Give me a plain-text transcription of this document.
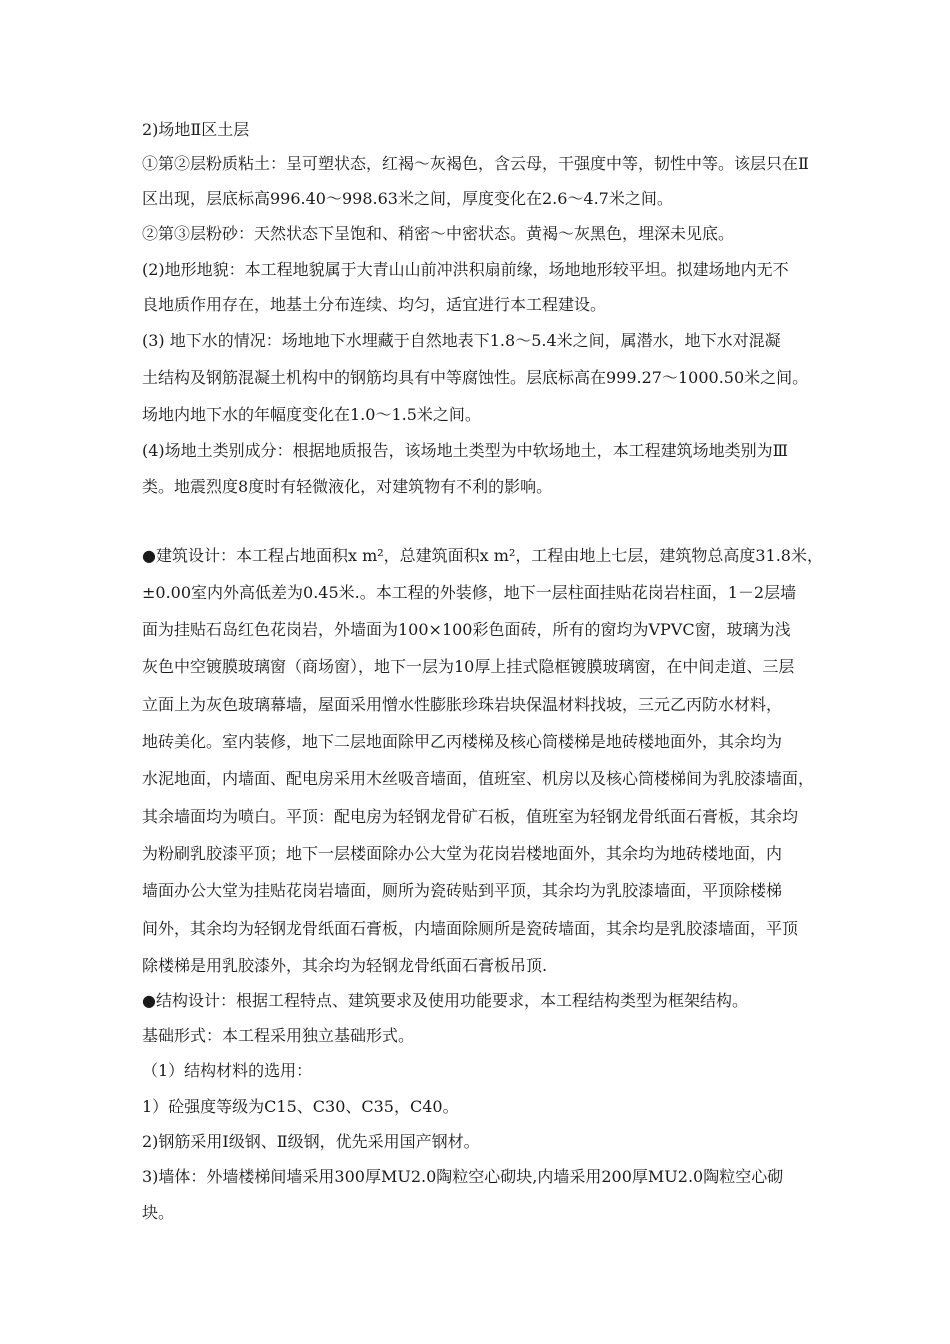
2)场地Ⅱ区土层
①第②层粉质粘土：呈可塑状态，红褐～灰褐色，含云母，干强度中等，韧性中等。该层只在Ⅱ
区出现，层底标高996.40～998.63米之间，厚度变化在2.6～4.7米之间。
②第③层粉砂：天然状态下呈饱和、稍密～中密状态。黄褐～灰黑色，埋深未见底。
(2)地形地貌：本工程地貌属于大青山山前冲洪积扇前缘，场地地形较平坦。拟建场地内无不
良地质作用存在，地基土分布连续、均匀，适宜进行本工程建设。
(3) 地下水的情况：场地地下水埋藏于自然地表下1.8～5.4米之间，属潜水，地下水对混凝
土结构及钢筋混凝土机构中的钢筋均具有中等腐蚀性。层底标高在999.27～1000.50米之间。
场地内地下水的年幅度变化在1.0～1.5米之间。
(4)场地土类别成分：根据地质报告，该场地土类型为中软场地土，本工程建筑场地类别为Ⅲ
类。地震烈度8度时有轻微液化，对建筑物有不利的影响。
●建筑设计：本工程占地面积x m²，总建筑面积x m²，工程由地上七层，建筑物总高度31.8米，
±0.00室内外高低差为0.45米.。本工程的外装修，地下一层柱面挂贴花岗岩柱面，1－2层墙
面为挂贴石岛红色花岗岩，外墙面为100×100彩色面砖，所有的窗均为VPVC窗，玻璃为浅
灰色中空镀膜玻璃窗（商场窗），地下一层为10厚上挂式隐框镀膜玻璃窗，在中间走道、三层
立面上为灰色玻璃幕墙，屋面采用憎水性膨胀珍珠岩块保温材料找坡，三元乙丙防水材料，
地砖美化。室内装修，地下二层地面除甲乙丙楼梯及核心筒楼梯是地砖楼地面外，其余均为
水泥地面，内墙面、配电房采用木丝吸音墙面，值班室、机房以及核心筒楼梯间为乳胶漆墙面，
其余墙面均为喷白。平顶：配电房为轻钢龙骨矿石板，值班室为轻钢龙骨纸面石膏板，其余均
为粉刷乳胶漆平顶；地下一层楼面除办公大堂为花岗岩楼地面外，其余均为地砖楼地面，内
墙面办公大堂为挂贴花岗岩墙面，厕所为瓷砖贴到平顶，其余均为乳胶漆墙面，平顶除楼梯
间外，其余均为轻钢龙骨纸面石膏板，内墙面除厕所是瓷砖墙面，其余均是乳胶漆墙面，平顶
除楼梯是用乳胶漆外，其余均为轻钢龙骨纸面石膏板吊顶.
●结构设计：根据工程特点、建筑要求及使用功能要求，本工程结构类型为框架结构。
基础形式：本工程采用独立基础形式。
（1）结构材料的选用：
1）砼强度等级为C15、C30、C35，C40。
2)钢筋采用Ⅰ级钢、Ⅱ级钢，优先采用国产钢材。
3)墙体：外墙楼梯间墙采用300厚MU2.0陶粒空心砌块,内墙采用200厚MU2.0陶粒空心砌
块。
